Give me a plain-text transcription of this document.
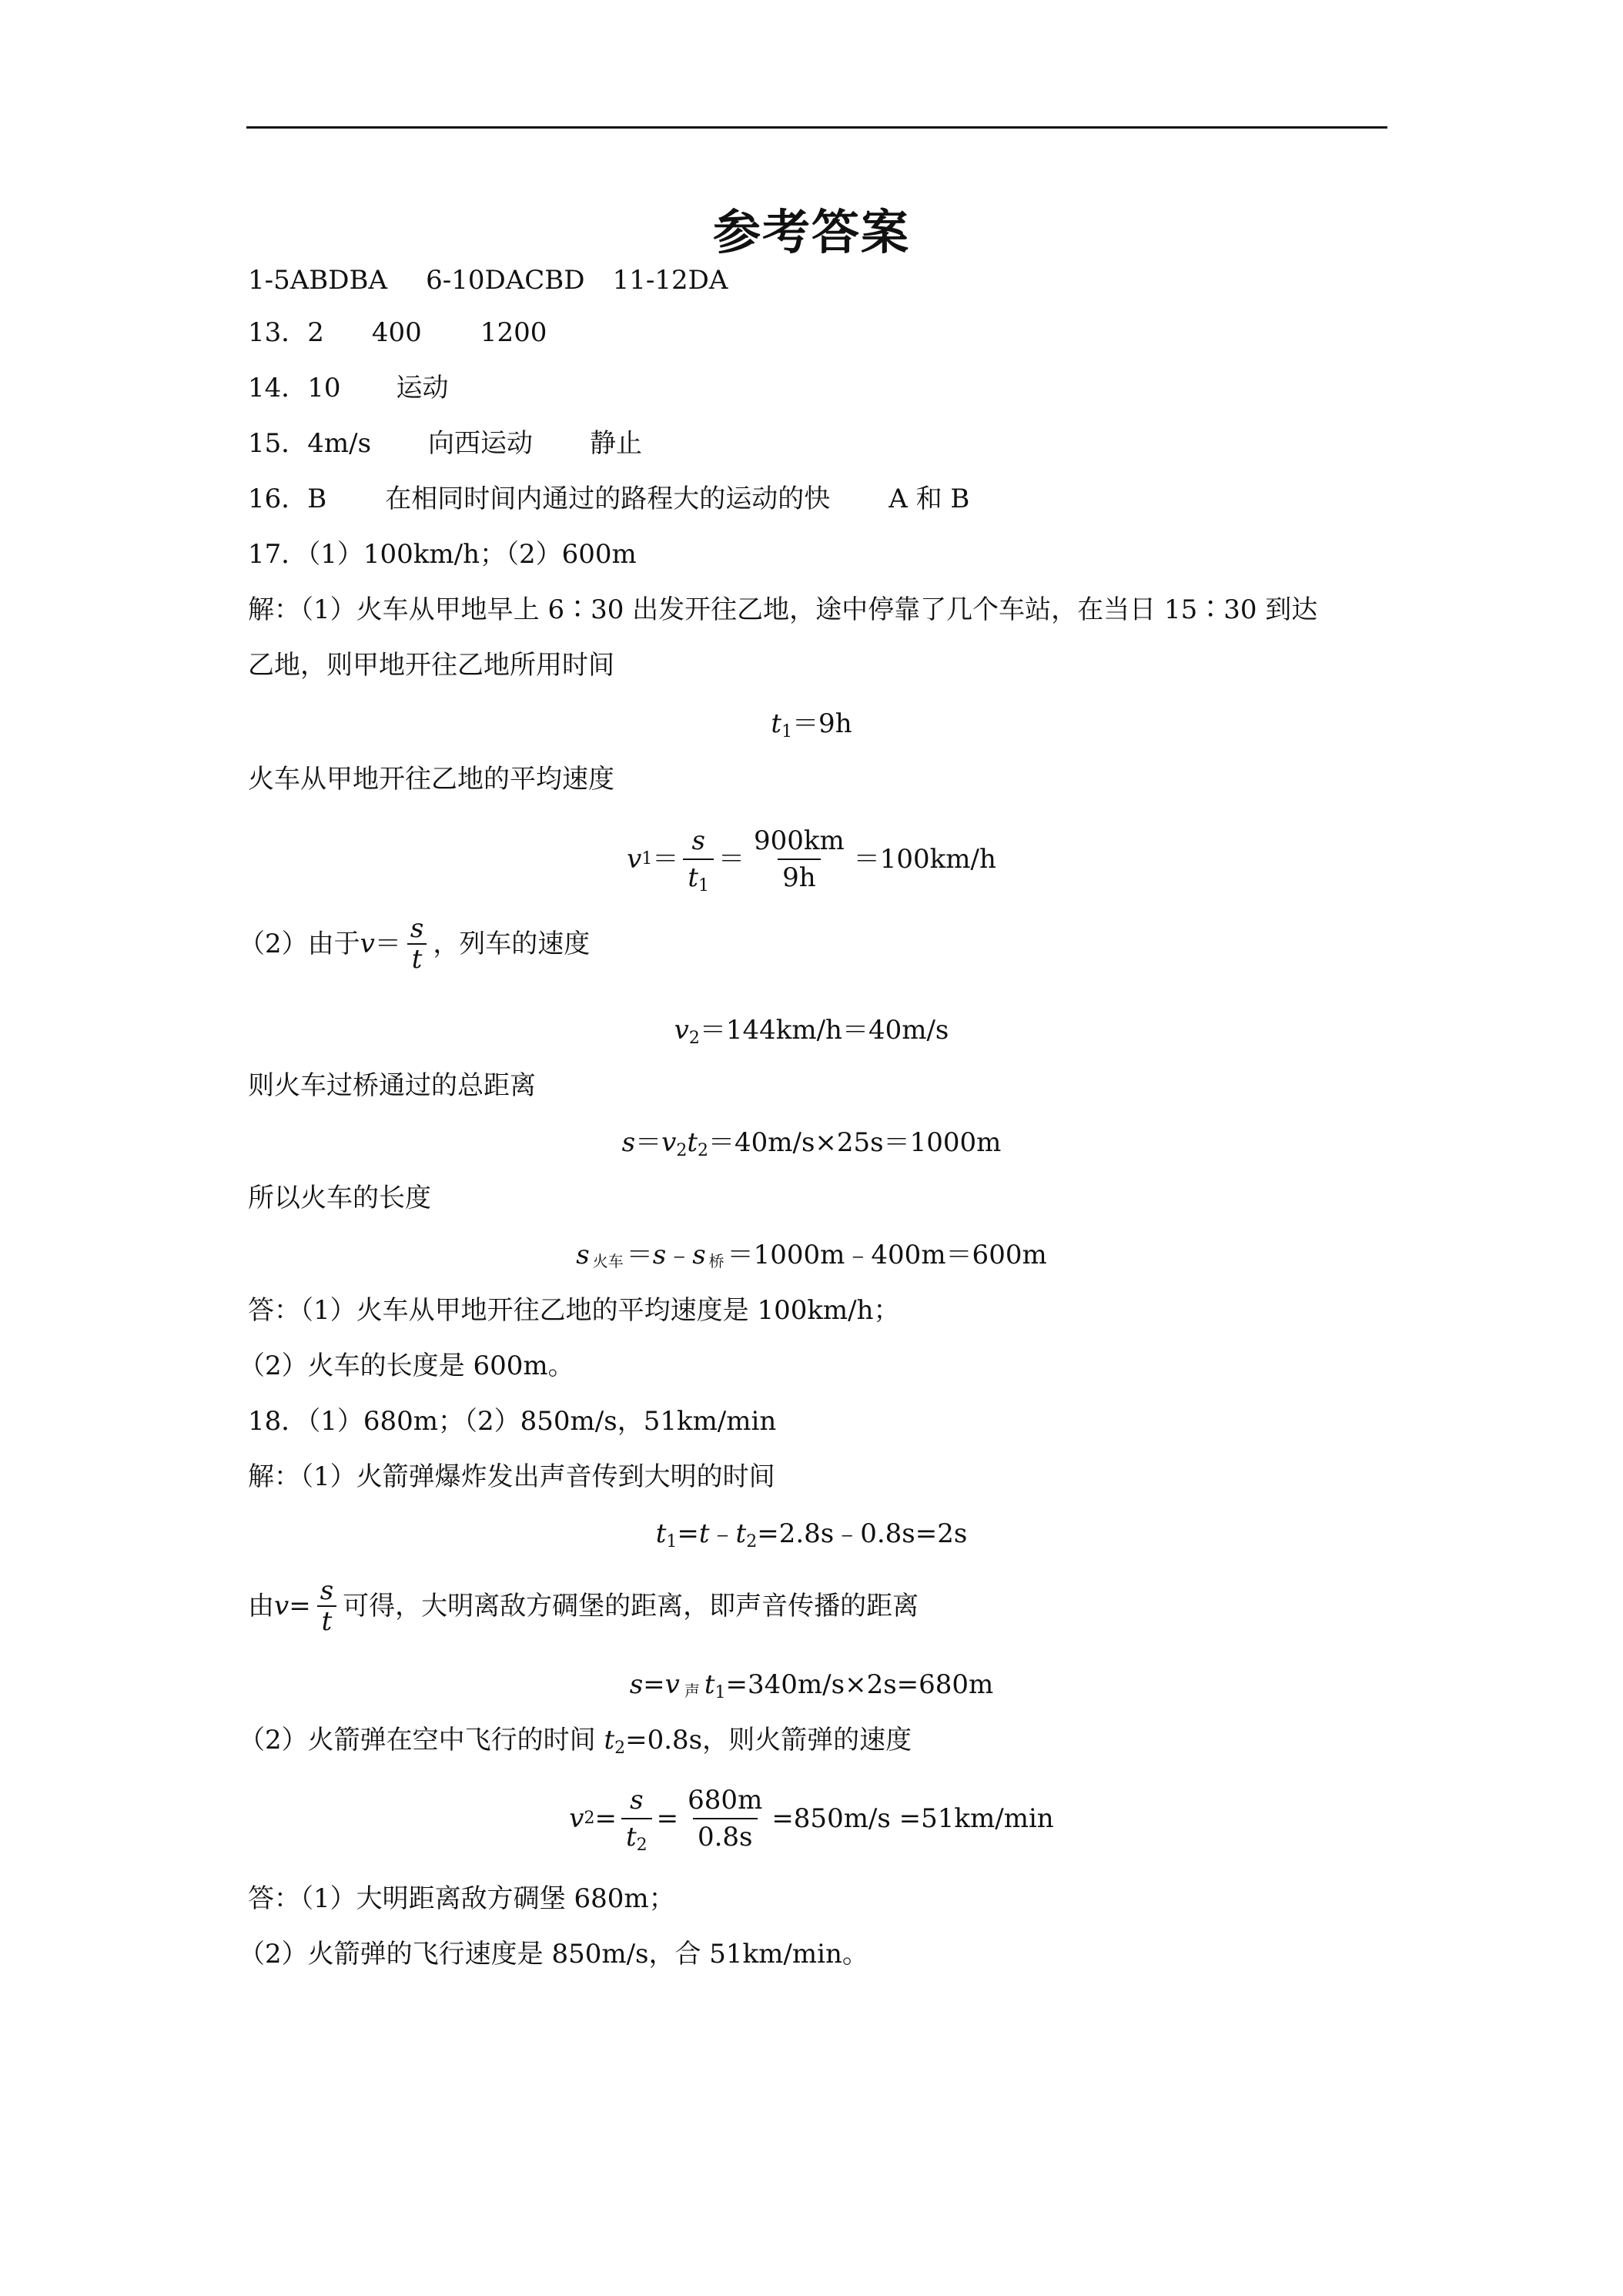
参考答案
1-5ABDBA 6-10DACBD 11-12DA
13．2 400 1200
14．10 运动
15．4m/s 向西运动 静止
16．B 在相同时间内通过的路程大的运动的快 A 和 B
17．（1）100km/h；（2）600m
解：（1）火车从甲地早上 6∶30 出发开往乙地，途中停靠了几个车站，在当日 15∶30 到达
乙地，则甲地开往乙地所用时间
$t_1=9h$
火车从甲地开往乙地的平均速度
v $1 = \frac{s}{t_1} = \frac{900km}{9h} =100km/h$
（2）由于 $v = \frac{s}{t}$ ，列车的速度
$v_2=144km/h=40m/s$
则火车过桥通过的总距离
$s=v_2t_2=40m/s\times 25s=1000m$
所以火车的长度
s火车 ＝s﹣s 桥 ＝1000m﹣400m＝600m
答：（1）火车从甲地开往乙地的平均速度是 100km/h；
（2）火车的长度是 600m。
18．（1）680m；（2）850m/s，51km/min
解：（1）火箭弹爆炸发出声音传到大明的时间
$t_1=t﹣t_2=2.8s﹣0.8s=2s$
由 $v = \frac{s}{t}$ 可得，大明离敌方碉堡的距离，即声音传播的距离
s=v 声 $t_1=340m/s\times 2s=680m$
（2）火箭弹在空中飞行的时间 $t_2=0.8s$，则火箭弹的速度
v $2 = \frac{s}{t_2} = \frac{680m}{0.8s} =850m/s =51km/\min$
答：（1）大明距离敌方碉堡 680m；
（2）火箭弹的飞行速度是 850m/s，合 51km/min。
